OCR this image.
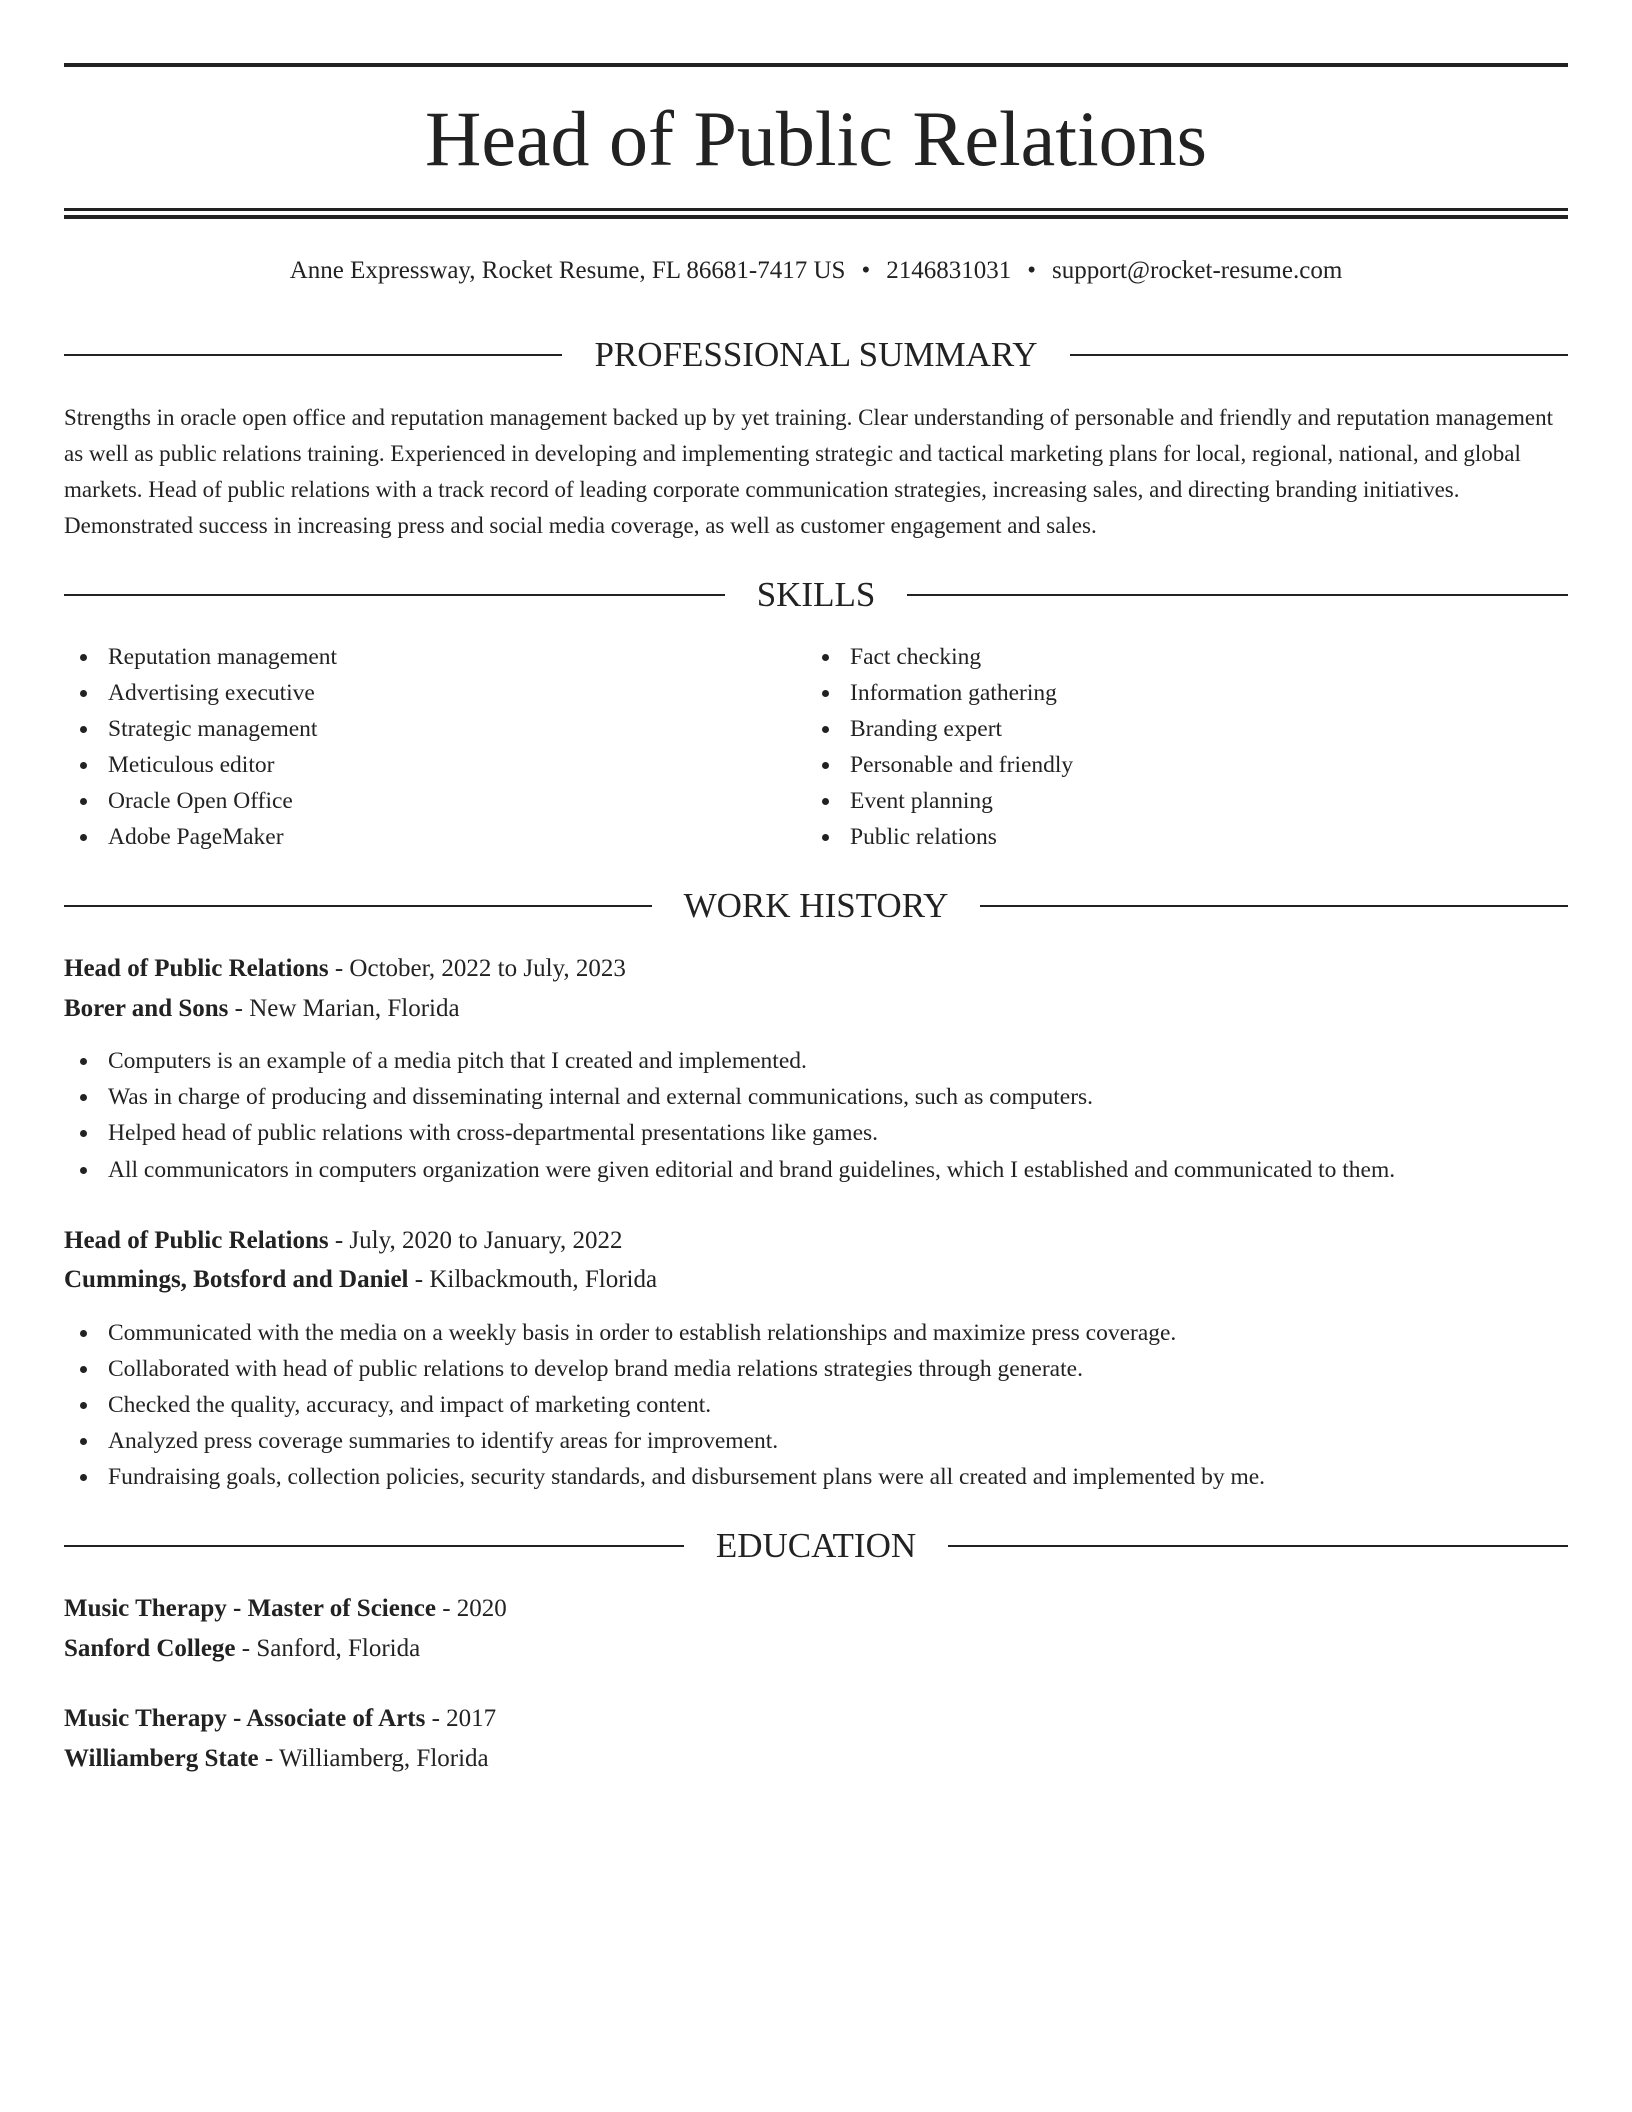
Head of Public Relations
Anne Expressway, Rocket Resume, FL 86681-7417 US • 2146831031 • support@rocket-resume.com
PROFESSIONAL SUMMARY

Strengths in oracle open office and reputation management backed up by yet training. Clear understanding of personable and friendly and reputation management as well as public relations training. Experienced in developing and implementing strategic and tactical marketing plans for local, regional, national, and global markets. Head of public relations with a track record of leading corporate communication strategies, increasing sales, and directing branding initiatives. Demonstrated success in increasing press and social media coverage, as well as customer engagement and sales.

SKILLS
Reputation management
Advertising executive
Strategic management
Meticulous editor
Oracle Open Office
Adobe PageMaker
Fact checking
Information gathering
Branding expert
Personable and friendly
Event planning
Public relations
WORK HISTORY
Head of Public Relations - October, 2022 to July, 2023
Borer and Sons - New Marian, Florida
Computers is an example of a media pitch that I created and implemented.
Was in charge of producing and disseminating internal and external communications, such as computers.
Helped head of public relations with cross-departmental presentations like games.
All communicators in computers organization were given editorial and brand guidelines, which I established and communicated to them.
Head of Public Relations - July, 2020 to January, 2022
Cummings, Botsford and Daniel - Kilbackmouth, Florida
Communicated with the media on a weekly basis in order to establish relationships and maximize press coverage.
Collaborated with head of public relations to develop brand media relations strategies through generate.
Checked the quality, accuracy, and impact of marketing content.
Analyzed press coverage summaries to identify areas for improvement.
Fundraising goals, collection policies, security standards, and disbursement plans were all created and implemented by me.
EDUCATION
Music Therapy - Master of Science - 2020
Sanford College - Sanford, Florida
Music Therapy - Associate of Arts - 2017
Williamberg State - Williamberg, Florida
